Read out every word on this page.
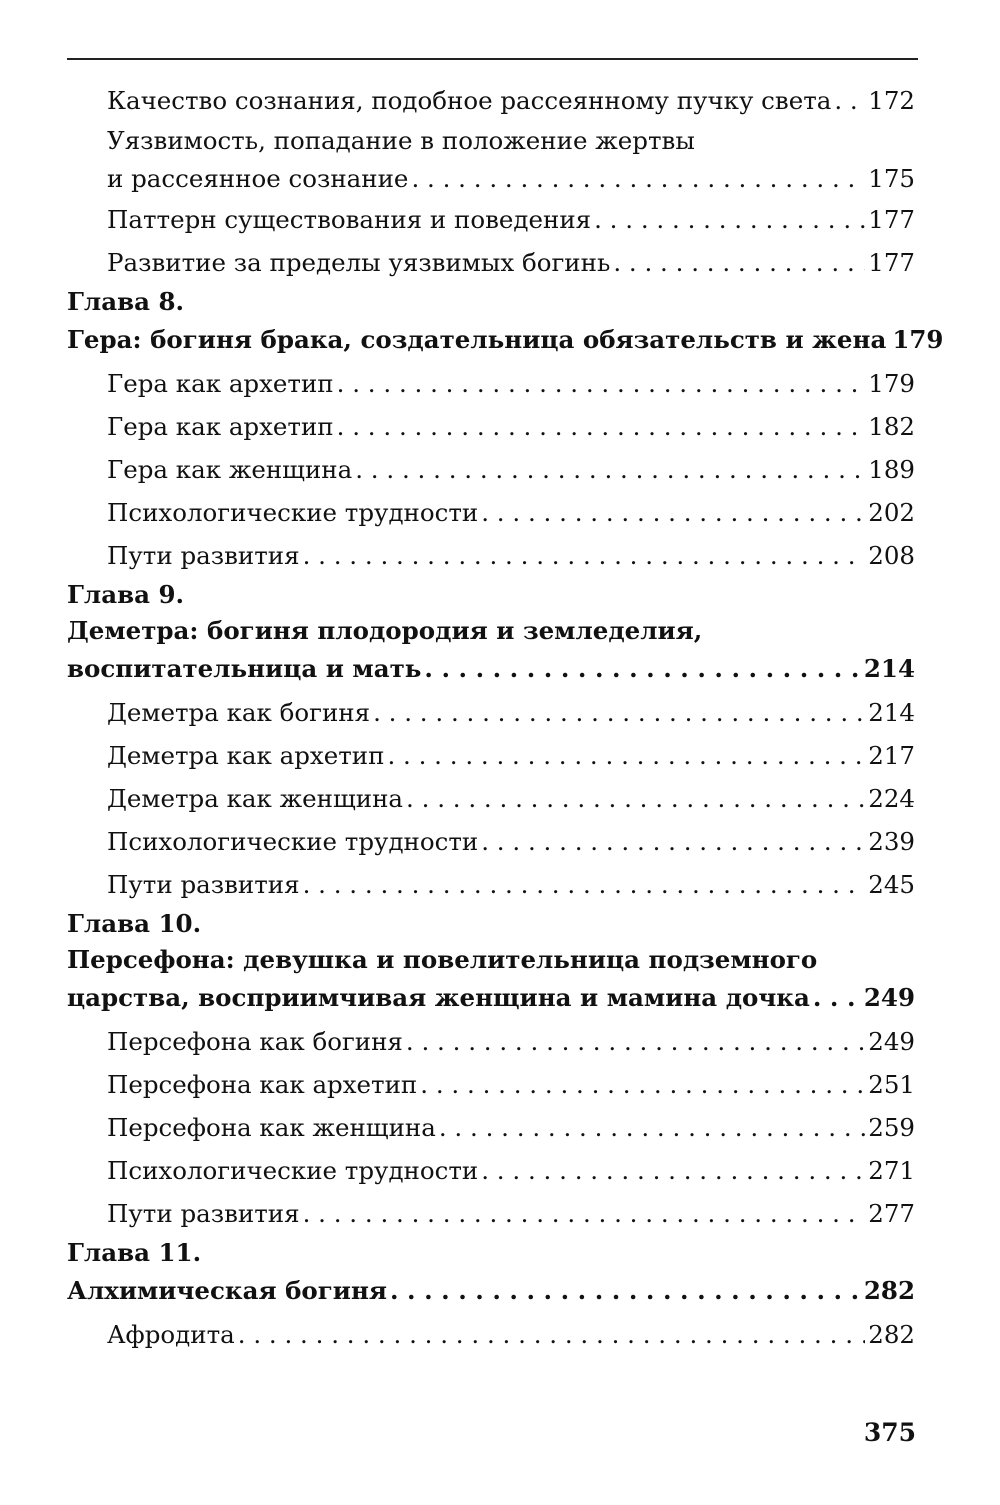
Качество сознания, подобное рассеянному пучку света . . . 172
Уязвимость, попадание в положение жертвы
и рассеянное сознание . . .	175
Паттерн существования и поведения . . .	177
Развитие за пределы уязвимых богинь . . .	177
Глава 8.
Гера: богиня брака, создательница обязательств и жена 179
Гера как архетип . . .	179
Гера как архетип . . .	182
Гера как женщина . . .	189
Психологические трудности . . .	202
Пути развития . . .	208
Глава 9.
Деметра: богиня плодородия и земледелия,
воспитательница и мать . . .	214
Деметра как богиня . . .	214
Деметра как архетип . . .	217
Деметра как женщина . . .	224
Психологические трудности . . .	239
Пути развития . . .	245
Глава 10.
Персефона: девушка и повелительница подземного
царства, восприимчивая женщина и мамина дочка . . . 249
Персефона как богиня . . .	249
Персефона как архетип . . .	251
Персефона как женщина . . .	259
Психологические трудности . . .	271
Пути развития . . .	277
Глава 11.
Алхимическая богиня . . .	282
Афродита . . .	282
375
